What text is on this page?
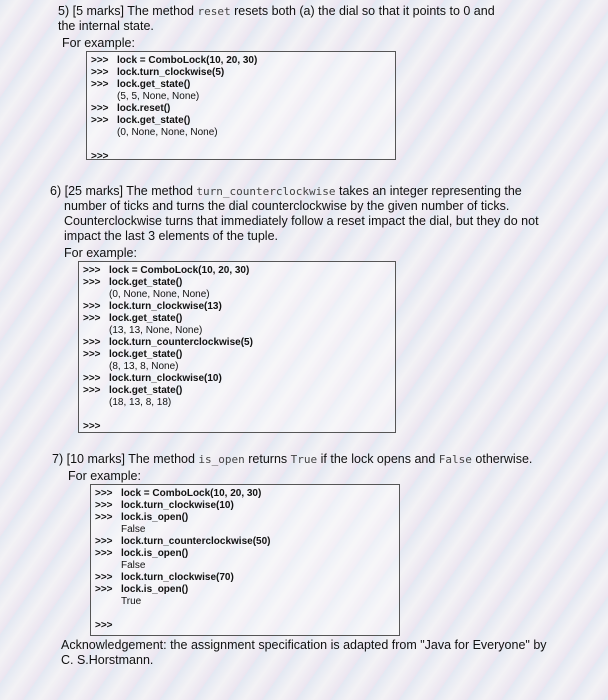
5) [5 marks] The method reset resets both (a) the dial so that it points to 0 and
the internal state.
For example:
>>> lock = ComboLock(10, 20, 30)
>>> lock.turn_clockwise(5)
>>> lock.get_state()
(5, 5, None, None)
>>> lock.reset()
>>> lock.get_state()
(0, None, None, None)
>>>
6) [25 marks] The method turn_counterclockwise takes an integer representing the
number of ticks and turns the dial counterclockwise by the given number of ticks.
Counterclockwise turns that immediately follow a reset impact the dial, but they do not
impact the last 3 elements of the tuple.
For example:
>>> lock = ComboLock(10, 20, 30)
>>> lock.get_state()
(0, None, None, None)
>>> lock.turn_clockwise(13)
>>> lock.get_state()
(13, 13, None, None)
>>> lock.turn_counterclockwise(5)
>>> lock.get_state()
(8, 13, 8, None)
>>> lock.turn_clockwise(10)
>>> lock.get_state()
(18, 13, 8, 18)
>>>
7) [10 marks] The method is_open returns True if the lock opens and False otherwise.
For example:
>>> lock = ComboLock(10, 20, 30)
>>> lock.turn_clockwise(10)
>>> lock.is_open()
False
>>> lock.turn_counterclockwise(50)
>>> lock.is_open()
False
>>> lock.turn_clockwise(70)
>>> lock.is_open()
True
>>>
Acknowledgement: the assignment specification is adapted from "Java for Everyone" by
C. S.Horstmann.
